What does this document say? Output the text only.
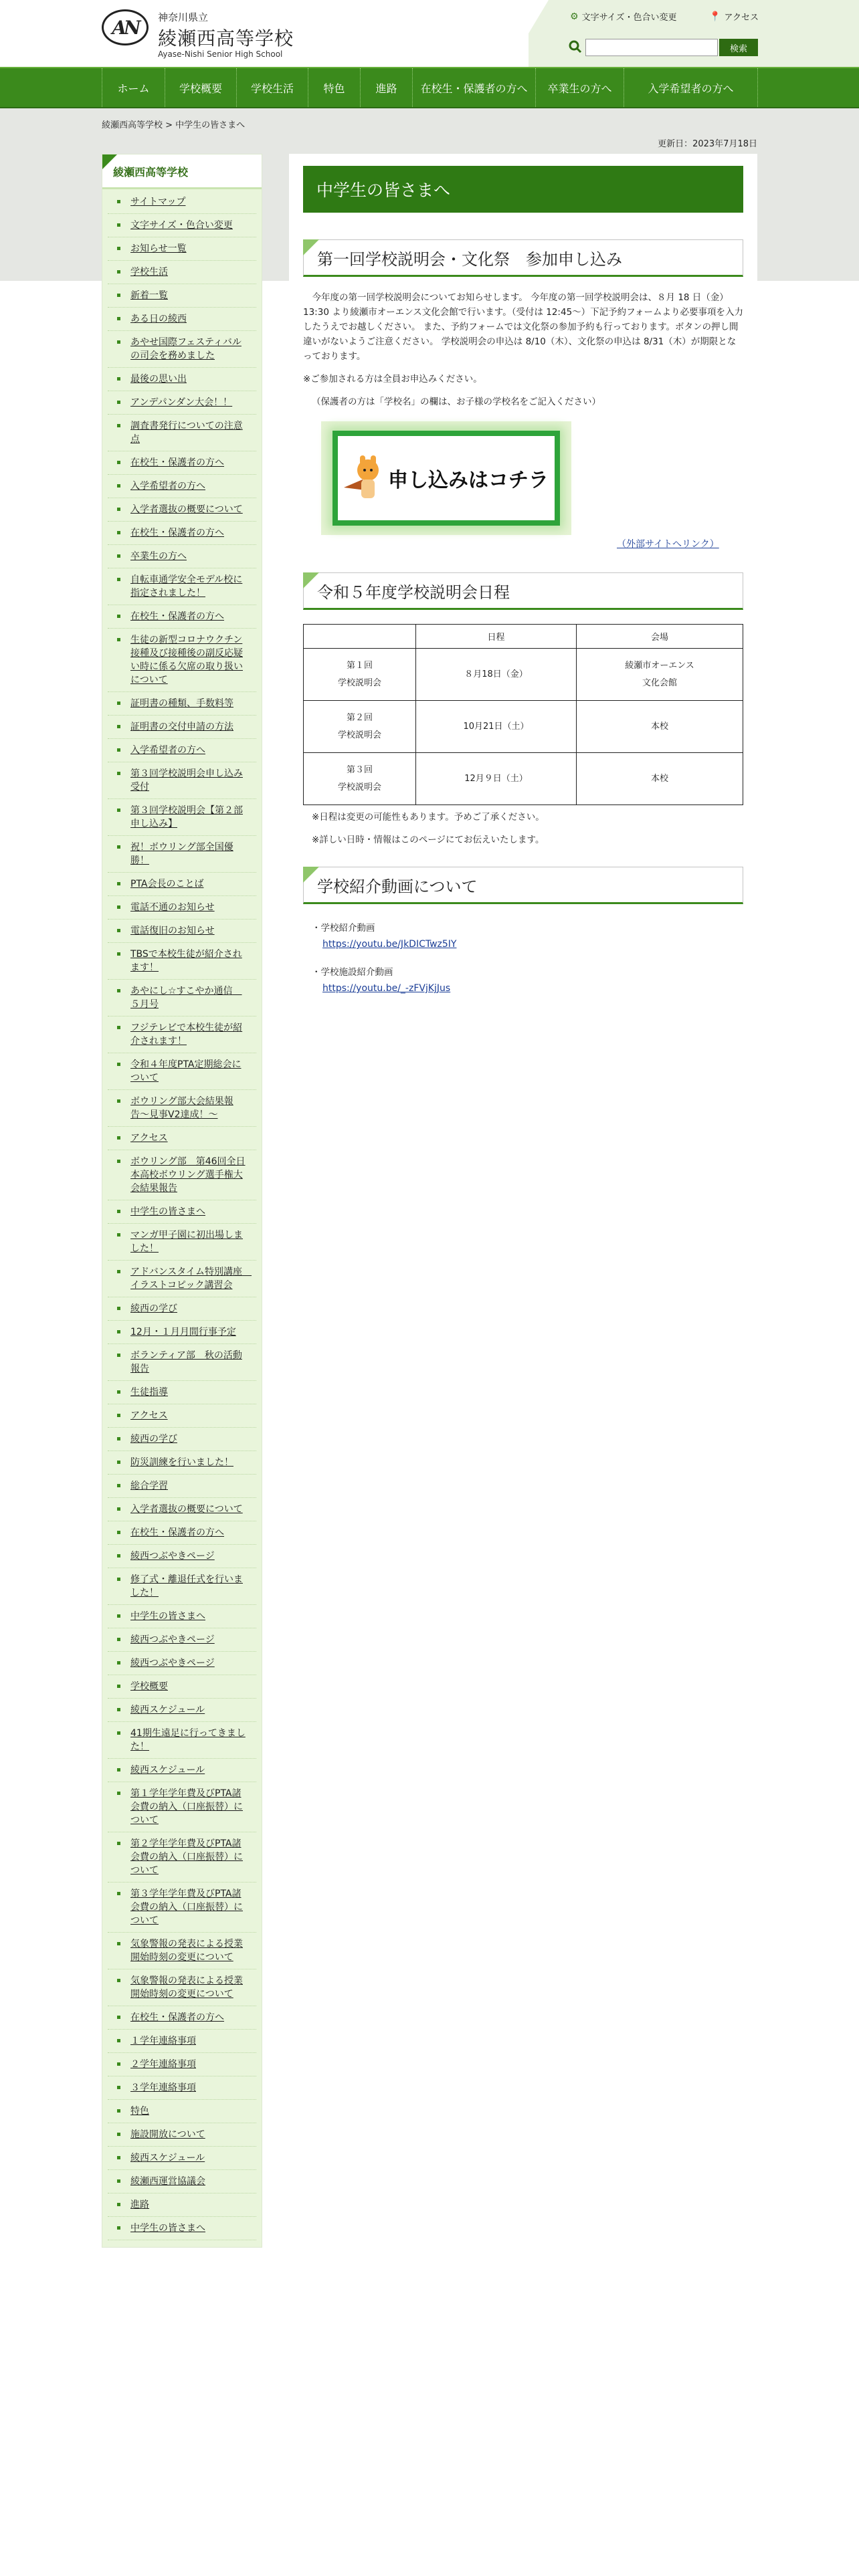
AN 神奈川県立
綾瀬西高等学校
Ayase-Nishi Senior High School
⚙ 文字サイズ・色合い変更	📍 アクセス
検索
ホーム	学校概要	学校生活	特色	進路	在校生・保護者の方へ	卒業生の方へ	入学希望者の方へ
綾瀬西高等学校 > 中学生の皆さまへ
更新日：2023年7月18日
綾瀬西高等学校
サイトマップ
文字サイズ・色合い変更
お知らせ一覧
学校生活
新着一覧
ある日の綾西
あやせ国際フェスティバルの司会を務めました
最後の思い出
アンデパンダン大会！！
調査書発行についての注意点
在校生・保護者の方へ
入学希望者の方へ
入学者選抜の概要について
在校生・保護者の方へ
卒業生の方へ
自転車通学安全モデル校に指定されました！
在校生・保護者の方へ
生徒の新型コロナウクチン接種及び接種後の副反応疑い時に係る欠席の取り扱いについて
証明書の種類、手数料等
証明書の交付申請の方法
入学希望者の方へ
第３回学校説明会申し込み受付
第３回学校説明会【第２部申し込み】
祝！ボウリング部全国優勝！
PTA会長のことば
電話不通のお知らせ
電話復旧のお知らせ
TBSで本校生徒が紹介されます！
あやにし☆すこやか通信　５月号
フジテレビで本校生徒が紹介されます！
令和４年度PTA定期総会について
ボウリング部大会結果報告〜見事V2達成！〜
アクセス
ボウリング部　第46回全日本高校ボウリング選手権大会結果報告
中学生の皆さまへ
マンガ甲子園に初出場しました！
アドバンスタイム特別講座　イラストコピック講習会
綾西の学び
12月・１月月間行事予定
ボランティア部　秋の活動報告
生徒指導
アクセス
綾西の学び
防災訓練を行いました！
総合学習
入学者選抜の概要について
在校生・保護者の方へ
綾西つぶやきページ
修了式・離退任式を行いました！
中学生の皆さまへ
綾西つぶやきページ
綾西つぶやきページ
学校概要
綾西スケジュール
41期生遠足に行ってきました！
綾西スケジュール
第１学年学年費及びPTA諸会費の納入（口座振替）について
第２学年学年費及びPTA諸会費の納入（口座振替）について
第３学年学年費及びPTA諸会費の納入（口座振替）について
気象警報の発表による授業開始時刻の変更について
気象警報の発表による授業開始時刻の変更について
在校生・保護者の方へ
１学年連絡事項
２学年連絡事項
３学年連絡事項
特色
施設開放について
綾西スケジュール
綾瀬西運営協議会
進路
中学生の皆さまへ
中学生の皆さまへ
第一回学校説明会・文化祭　参加申し込み
今年度の第一回学校説明会についてお知らせします。 今年度の第一回学校説明会は、８月 18 日（金）13:30 より綾瀬市オーエンス文化会館で行います。（受付は 12:45〜）下記予約フォームより必要事項を入力したうえでお越しください。 また、予約フォームでは文化祭の参加予約も行っております。ボタンの押し間違いがないようご注意ください。 学校説明会の申込は 8/10（木）、文化祭の申込は 8/31（木）が期限となっております。
※ご参加される方は全員お申込みください。
（保護者の方は「学校名」の欄は、お子様の学校名をご記入ください）
申し込みはコチラ
（外部サイトへリンク）
令和５年度学校説明会日程
	日程	会場
第１回
学校説明会	８月18日（金）	綾瀬市オーエンス
文化会館
第２回
学校説明会	10月21日（土）	本校
第３回
学校説明会	12月９日（土）	本校
※日程は変更の可能性もあります。予めご了承ください。
※詳しい日時・情報はこのページにてお伝えいたします。
学校紹介動画について
・学校紹介動画
https://youtu.be/JkDICTwz5IY
・学校施設紹介動画
https://youtu.be/_-zFVjKjJus
